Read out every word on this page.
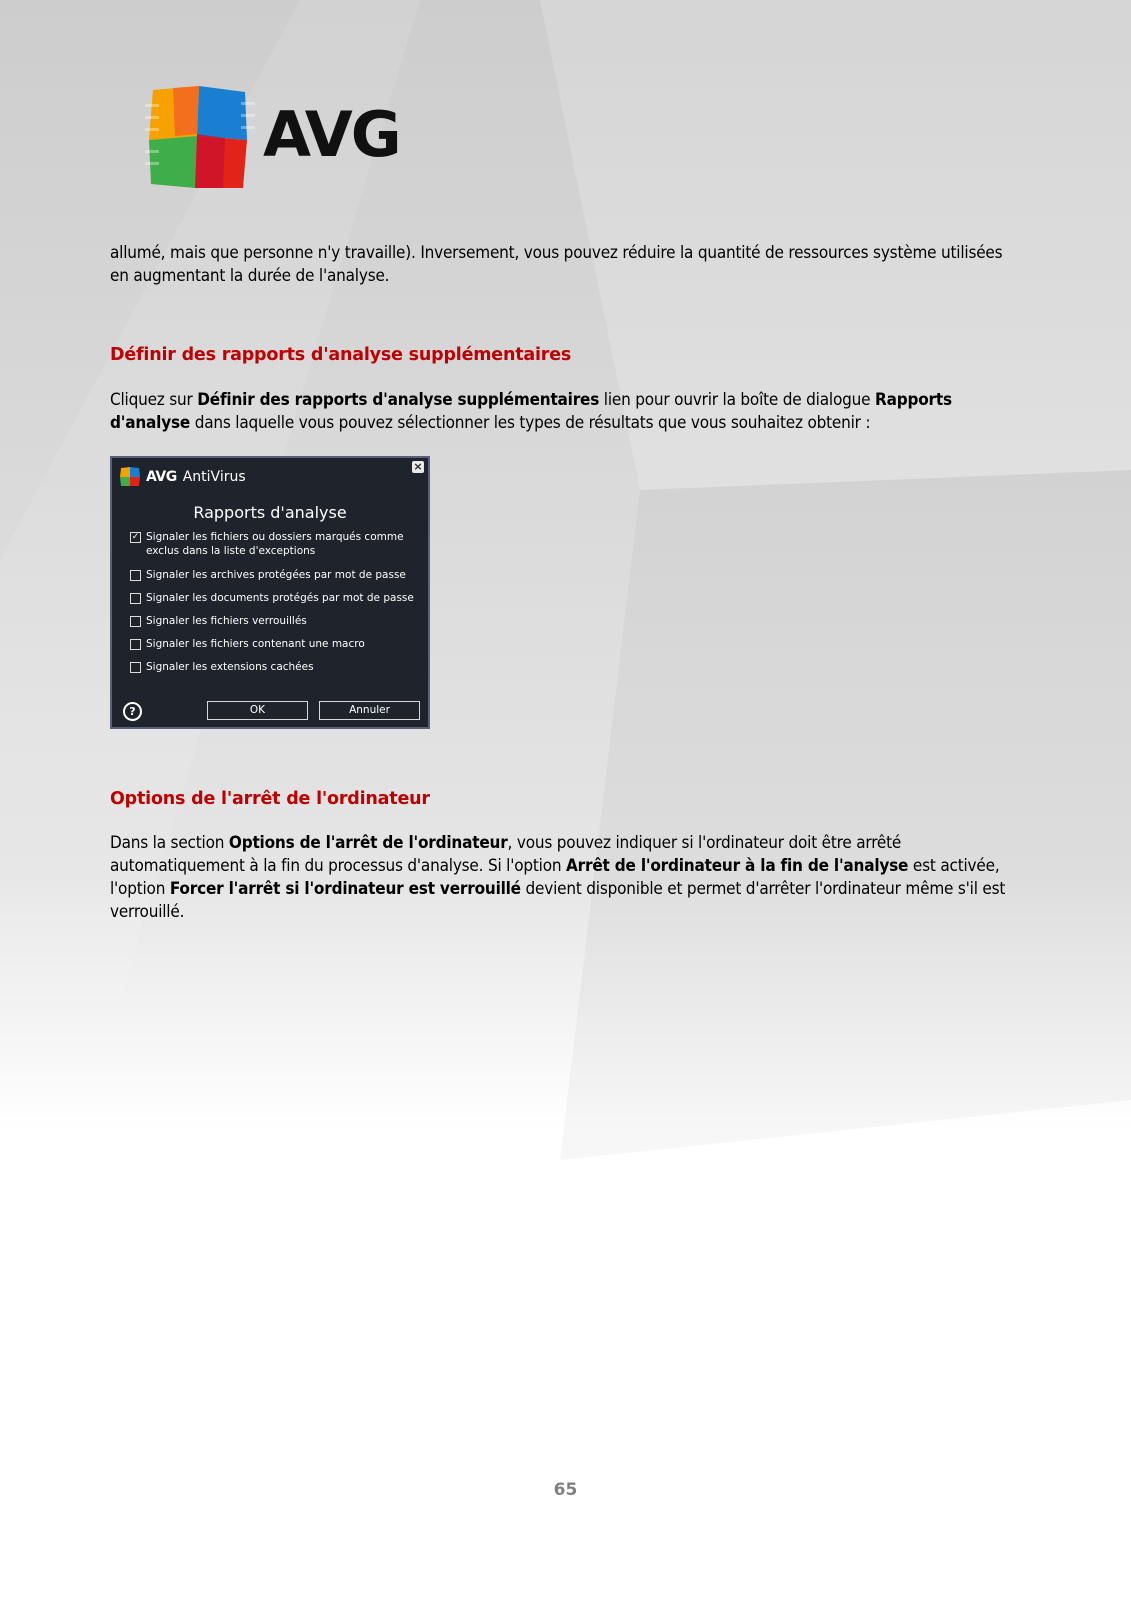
AVG

allumé, mais que personne n'y travaille). Inversement, vous pouvez réduire la quantité de ressources système utilisées en augmentant la durée de l'analyse.

Définir des rapports d'analyse supplémentaires

Cliquez sur Définir des rapports d'analyse supplémentaires lien pour ouvrir la boîte de dialogue Rapports d'analyse dans laquelle vous pouvez sélectionner les types de résultats que vous souhaitez obtenir :

AVG AntiVirus
×
Rapports d'analyse
✓ Signaler les fichiers ou dossiers marqués comme exclus dans la liste d'exceptions
Signaler les archives protégées par mot de passe
Signaler les documents protégés par mot de passe
Signaler les fichiers verrouillés
Signaler les fichiers contenant une macro
Signaler les extensions cachées
?	OK	Annuler
Options de l'arrêt de l'ordinateur

Dans la section Options de l'arrêt de l'ordinateur, vous pouvez indiquer si l'ordinateur doit être arrêté automatiquement à la fin du processus d'analyse. Si l'option Arrêt de l'ordinateur à la fin de l'analyse est activée, l'option Forcer l'arrêt si l'ordinateur est verrouillé devient disponible et permet d'arrêter l'ordinateur même s'il est verrouillé.

65
